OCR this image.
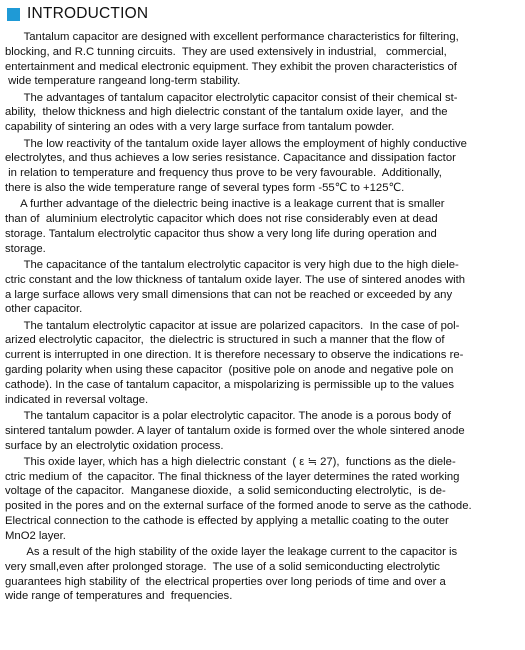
INTRODUCTION
Tantalum capacitor are designed with excellent performance characteristics for filtering,
blocking, and R.C tunning circuits.  They are used extensively in industrial,   commercial,
entertainment and medical electronic equipment. They exhibit the proven characteristics of
wide temperature rangeand long-term stability.
The advantages of tantalum capacitor electrolytic capacitor consist of their chemical st-
ability,  thelow thickness and high dielectric constant of the tantalum oxide layer,  and the
capability of sintering an odes with a very large surface from tantalum powder.
The low reactivity of the tantalum oxide layer allows the employment of highly conductive
electrolytes, and thus achieves a low series resistance. Capacitance and dissipation factor
in relation to temperature and frequency thus prove to be very favourable.  Additionally,
there is also the wide temperature range of several types form -55℃ to +125℃.
A further advantage of the dielectric being inactive is a leakage current that is smaller
than of  aluminium electrolytic capacitor which does not rise considerably even at dead
storage. Tantalum electrolytic capacitor thus show a very long life during operation and
storage.
The capacitance of the tantalum electrolytic capacitor is very high due to the high diele-
ctric constant and the low thickness of tantalum oxide layer. The use of sintered anodes with
a large surface allows very small dimensions that can not be reached or exceeded by any
other capacitor.
The tantalum electrolytic capacitor at issue are polarized capacitors.  In the case of pol-
arized electrolytic capacitor,  the dielectric is structured in such a manner that the flow of
current is interrupted in one direction. It is therefore necessary to observe the indications re-
garding polarity when using these capacitor  (positive pole on anode and negative pole on
cathode). In the case of tantalum capacitor, a mispolarizing is permissible up to the values
indicated in reversal voltage.
The tantalum capacitor is a polar electrolytic capacitor. The anode is a porous body of
sintered tantalum powder. A layer of tantalum oxide is formed over the whole sintered anode
surface by an electrolytic oxidation process.
This oxide layer, which has a high dielectric constant  ( ε ≒ 27),  functions as the diele-
ctric medium of  the capacitor. The final thickness of the layer determines the rated working
voltage of the capacitor.  Manganese dioxide,  a solid semiconducting electrolytic,  is de-
posited in the pores and on the external surface of the formed anode to serve as the cathode.
Electrical connection to the cathode is effected by applying a metallic coating to the outer
MnO2 layer.
As a result of the high stability of the oxide layer the leakage current to the capacitor is
very small,even after prolonged storage.  The use of a solid semiconducting electrolytic
guarantees high stability of  the electrical properties over long periods of time and over a
wide range of temperatures and  frequencies.
